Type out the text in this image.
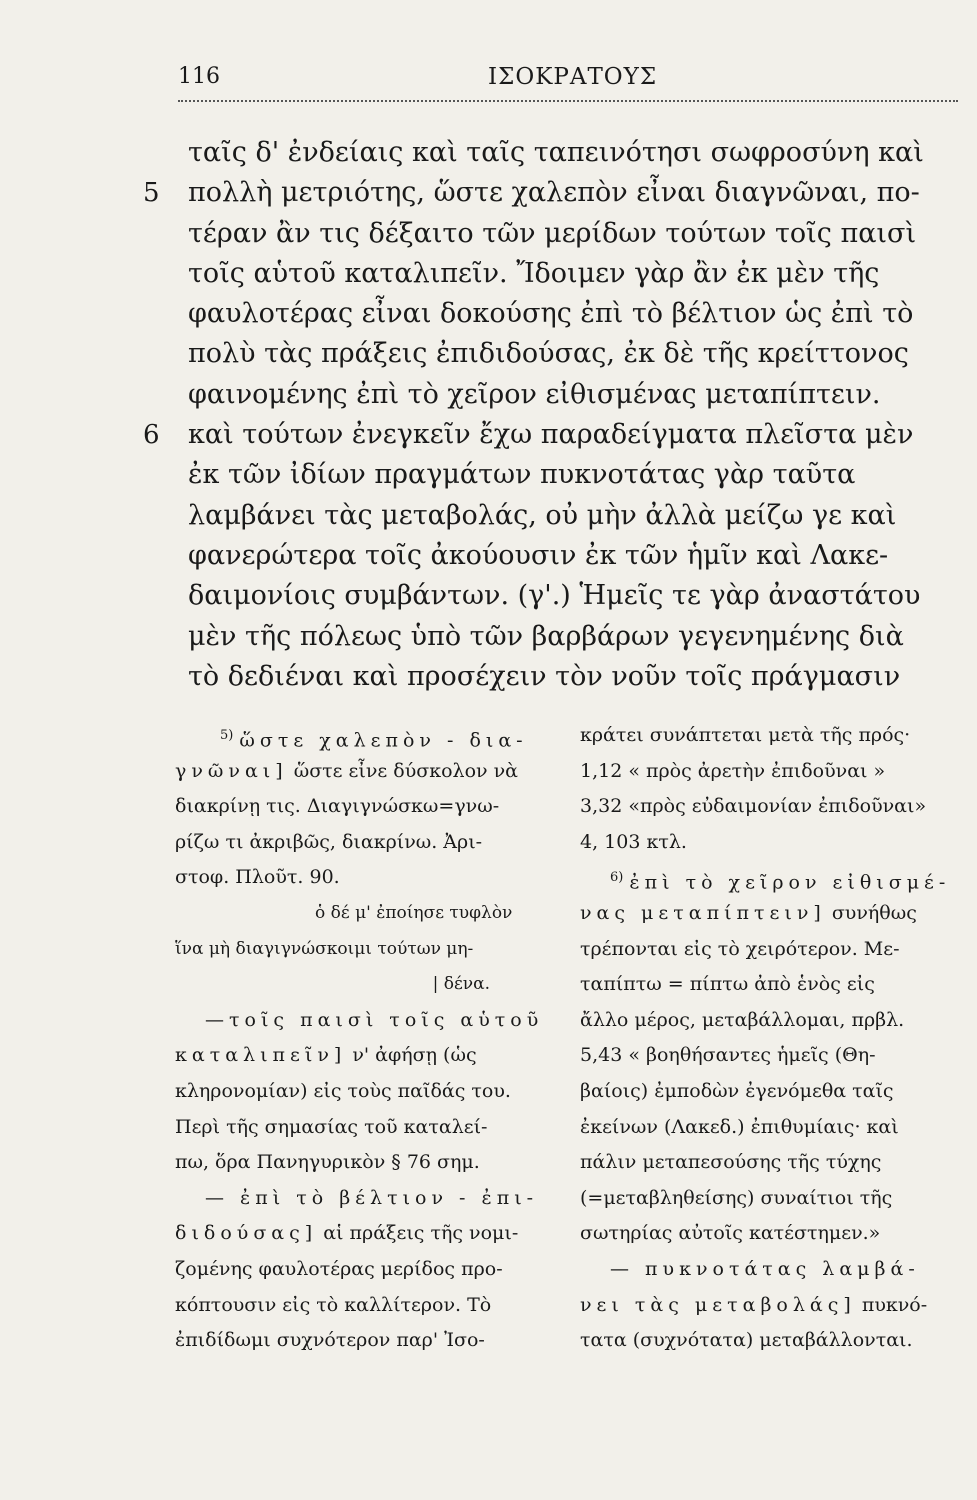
116	ΙΣΟΚΡΑΤΟΥΣ
ταῖς δ' ἐνδείαις καὶ ταῖς ταπεινότησι σωφροσύνη καὶ
5 πολλὴ μετριότης, ὥστε χαλεπὸν εἶναι διαγνῶναι, πο-
τέραν ἂν τις δέξαιτο τῶν μερίδων τούτων τοῖς παισὶ
τοῖς αὑτοῦ καταλιπεῖν. Ἴδοιμεν γὰρ ἂν ἐκ μὲν τῆς
φαυλοτέρας εἶναι δοκούσης ἐπὶ τὸ βέλτιον ὡς ἐπὶ τὸ
πολὺ τὰς πράξεις ἐπιδιδούσας, ἐκ δὲ τῆς κρείττονος
φαινομένης ἐπὶ τὸ χεῖρον εἰθισμένας μεταπίπτειν.
6 καὶ τούτων ἐνεγκεῖν ἔχω παραδείγματα πλεῖστα μὲν
ἐκ τῶν ἰδίων πραγμάτων πυκνοτάτας γὰρ ταῦτα
λαμβάνει τὰς μεταβολάς, οὐ μὴν ἀλλὰ μείζω γε καὶ
φανερώτερα τοῖς ἀκούουσιν ἐκ τῶν ἡμῖν καὶ Λακε-
δαιμονίοις συμβάντων. (γ'.) Ἡμεῖς τε γὰρ ἀναστάτου
μὲν τῆς πόλεως ὑπὸ τῶν βαρβάρων γεγενημένης διὰ
τὸ δεδιέναι καὶ προσέχειν τὸν νοῦν τοῖς πράγμασιν
$^{5)}$ ὥστε χαλεπὸν - δια-
γνῶναι] ὥστε εἶνε δύσκολον νὰ
διακρίνῃ τις. Διαγιγνώσκω=γνω-
ρίζω τι ἀκριβῶς, διακρίνω. Ἀρι-
στοφ. Πλοῦτ. 90.
ὁ δέ μ' ἐποίησε τυφλὸν
ἵνα μὴ διαγιγνώσκοιμι τούτων μη-
| δένα.
—τοῖς παισὶ τοῖς αὑτοῦ
καταλιπεῖν] ν' ἀφήσῃ (ὡς
κληρονομίαν) εἰς τοὺς παῖδάς του.
Περὶ τῆς σημασίας τοῦ καταλεί-
πω, ὅρα Πανηγυρικὸν § 76 σημ.
— ἐπὶ τὸ βέλτιον - ἐπι-
διδούσας] αἱ πράξεις τῆς νομι-
ζομένης φαυλοτέρας μερίδος προ-
κόπτουσιν εἰς τὸ καλλίτερον. Τὸ
ἐπιδίδωμι συχνότερον παρ' Ἰσο-
κράτει συνάπτεται μετὰ τῆς πρός·
1,12 « πρὸς ἀρετὴν ἐπιδοῦναι »
3,32 «πρὸς εὐδαιμονίαν ἐπιδοῦναι»
4, 103 κτλ.
$^{6)}$ ἐπὶ τὸ χεῖρον εἰθισμέ-
νας μεταπίπτειν] συνήθως
τρέπονται εἰς τὸ χειρότερον. Με-
ταπίπτω = πίπτω ἀπὸ ἑνὸς εἰς
ἄλλο μέρος, μεταβάλλομαι, πρβλ.
5,43 « βοηθήσαντες ἡμεῖς (Θη-
βαίοις) ἐμποδὼν ἐγενόμεθα ταῖς
ἐκείνων (Λακεδ.) ἐπιθυμίαις· καὶ
πάλιν μεταπεσούσης τῆς τύχης
(=μεταβληθείσης) συναίτιοι τῆς
σωτηρίας αὐτοῖς κατέστημεν.»
— πυκνοτάτας λαμβά-
νει τὰς μεταβολάς] πυκνό-
τατα (συχνότατα) μεταβάλλονται.
